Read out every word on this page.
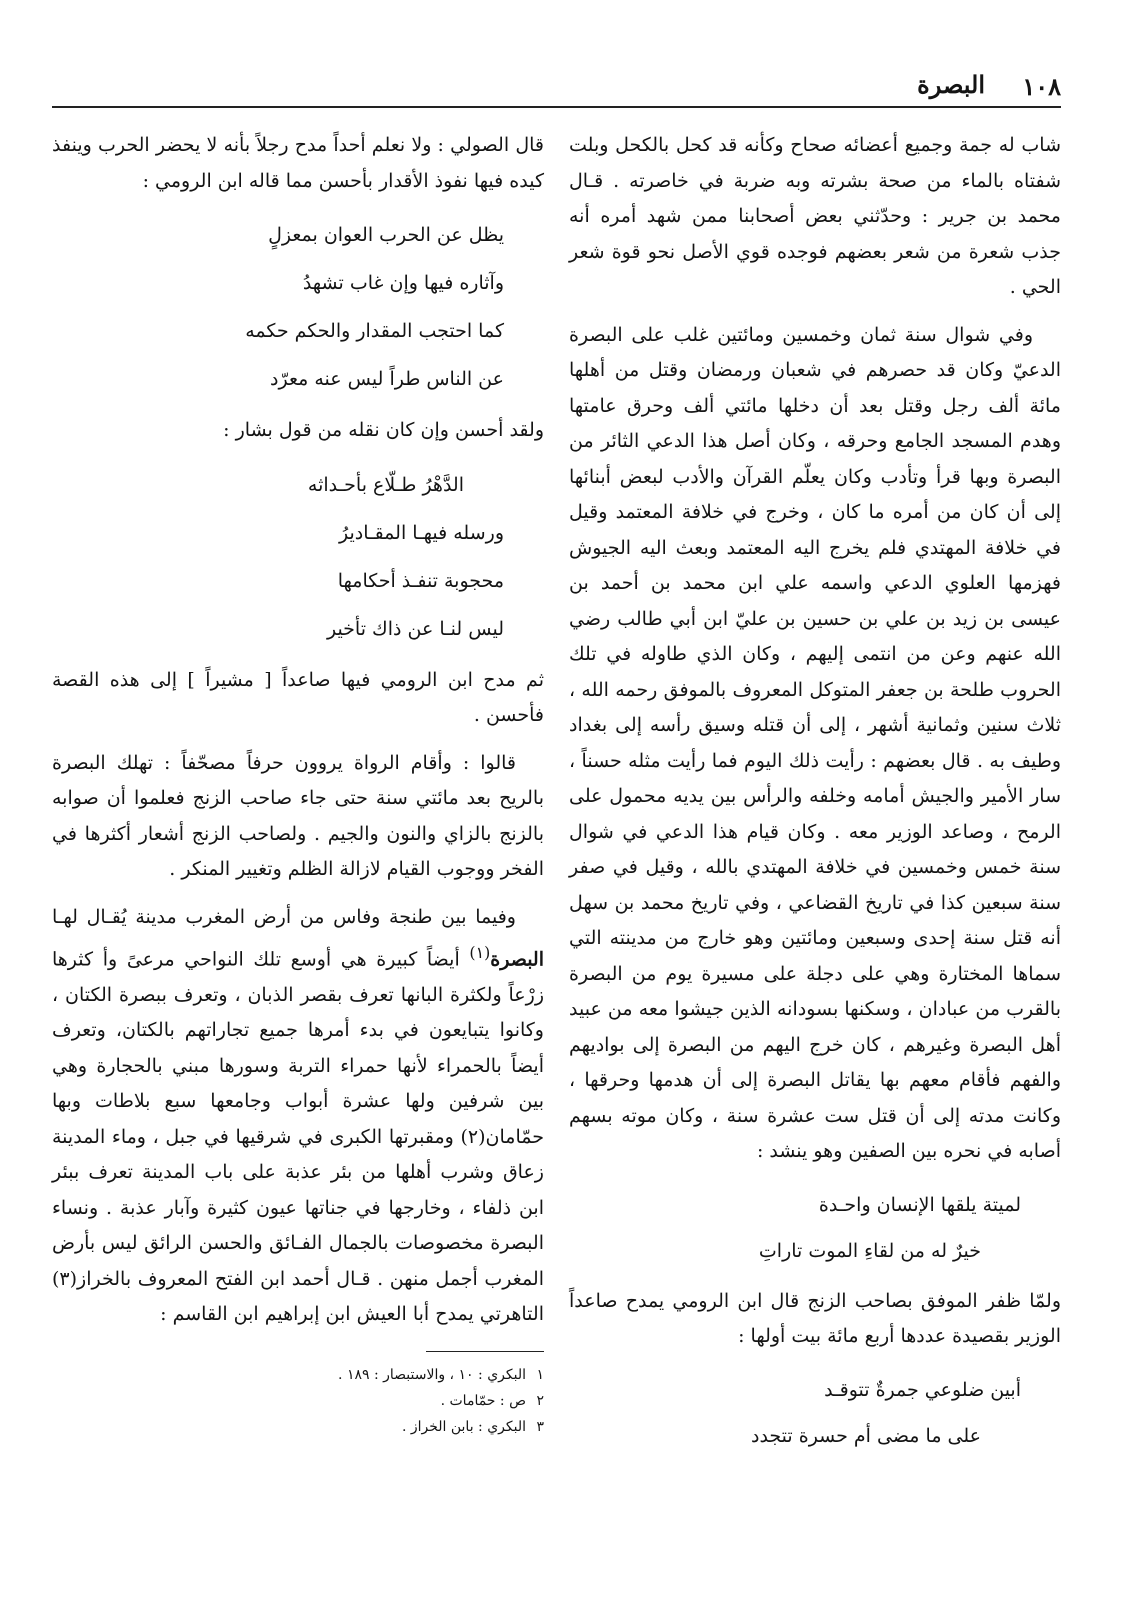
١٠٨
البصرة

شاب له جمة وجميع أعضائه صحاح وكأنه قد كحل بالكحل وبلت شفتاه بالماء من صحة بشرته وبه ضربة في خاصرته . قـال محمد بن جرير : وحدّثني بعض أصحابنا ممن شهد أمره أنه جذب شعرة من شعر بعضهم فوجده قوي الأصل نحو قوة شعر الحي .

وفي شوال سنة ثمان وخمسين ومائتين غلب على البصرة الدعيّ وكان قد حصرهم في شعبان ورمضان وقتل من أهلها مائة ألف رجل وقتل بعد أن دخلها مائتي ألف وحرق عامتها وهدم المسجد الجامع وحرقه ، وكان أصل هذا الدعي الثائر من البصرة وبها قرأ وتأدب وكان يعلّم القرآن والأدب لبعض أبنائها إلى أن كان من أمره ما كان ، وخرج في خلافة المعتمد وقيل في خلافة المهتدي فلم يخرج اليه المعتمد وبعث اليه الجيوش فهزمها العلوي الدعي واسمه علي ابن محمد بن أحمد بن عيسى بن زيد بن علي بن حسين بن عليّ ابن أبي طالب رضي الله عنهم وعن من انتمى إليهم ، وكان الذي طاوله في تلك الحروب طلحة بن جعفر المتوكل المعروف بالموفق رحمه الله ، ثلاث سنين وثمانية أشهر ، إلى أن قتله وسيق رأسه إلى بغداد وطيف به . قال بعضهم : رأيت ذلك اليوم فما رأيت مثله حسناً ، سار الأمير والجيش أمامه وخلفه والرأس بين يديه محمول على الرمح ، وصاعد الوزير معه . وكان قيام هذا الدعي في شوال سنة خمس وخمسين في خلافة المهتدي بالله ، وقيل في صفر سنة سبعين كذا في تاريخ القضاعي ، وفي تاريخ محمد بن سهل أنه قتل سنة إحدى وسبعين ومائتين وهو خارج من مدينته التي سماها المختارة وهي على دجلة على مسيرة يوم من البصرة بالقرب من عبادان ، وسكنها بسودانه الذين جيشوا معه من عبيد أهل البصرة وغيرهم ، كان خرج اليهم من البصرة إلى بواديهم والفهم فأقام معهم بها يقاتل البصرة إلى أن هدمها وحرقها ، وكانت مدته إلى أن قتل ست عشرة سنة ، وكان موته بسهم أصابه في نحره بين الصفين وهو ينشد :

لميتة يلقها الإنسان واحـدة
خيرٌ له من لقاءِ الموت تاراتِ

ولمّا ظفر الموفق بصاحب الزنج قال ابن الرومي يمدح صاعداً الوزير بقصيدة عددها أربع مائة بيت أولها :

أبين ضلوعي جمرةٌ تتوقـد
على ما مضى أم حسرة تتجدد

قال الصولي : ولا نعلم أحداً مدح رجلاً بأنه لا يحضر الحرب وينفذ كيده فيها نفوذ الأقدار بأحسن مما قاله ابن الرومي :

يظل عن الحرب العوان بمعزلٍ
وآثاره فيها وإن غاب تشهدُ
كما احتجب المقدار والحكم حكمه
عن الناس طراً ليس عنه معرّد

ولقد أحسن وإن كان نقله من قول بشار :

الدَّهْرُ طـلّاع بأحـداثه
ورسله فيهـا المقـاديرُ
محجوبة تنفـذ أحكامها
ليس لنـا عن ذاك تأخير

ثم مدح ابن الرومي فيها صاعداً [ مشيراً ] إلى هذه القصة فأحسن .

قالوا : وأقام الرواة يروون حرفاً مصحّفاً : تهلك البصرة بالريح بعد مائتي سنة حتى جاء صاحب الزنج فعلموا أن صوابه بالزنج بالزاي والنون والجيم . ولصاحب الزنج أشعار أكثرها في الفخر ووجوب القيام لازالة الظلم وتغيير المنكر .

وفيما بين طنجة وفاس من أرض المغرب مدينة يُقـال لهـا البصرة$^{(١)}$ أيضاً كبيرة هي أوسع تلك النواحي مرعىً وأ كثرها زرْعاً ولكثرة البانها تعرف بقصر الذبان ، وتعرف ببصرة الكتان ، وكانوا يتبايعون في بدء أمرها جميع تجاراتهم بالكتان، وتعرف أيضاً بالحمراء لأنها حمراء التربة وسورها مبني بالحجارة وهي بين شرفين ولها عشرة أبواب وجامعها سبع بلاطات وبها حمّامان(٢) ومقبرتها الكبرى في شرقيها في جبل ، وماء المدينة زعاق وشرب أهلها من بئر عذبة على باب المدينة تعرف ببئر ابن ذلفاء ، وخارجها في جناتها عيون كثيرة وآبار عذبة . ونساء البصرة مخصوصات بالجمال الفـائق والحسن الرائق ليس بأرض المغرب أجمل منهن . قـال أحمد ابن الفتح المعروف بالخراز(٣) التاهرتي يمدح أبا العيش ابن إبراهيم ابن القاسم :

١البكري : ١٠ ، والاستبصار : ١٨٩ .
٢ص : حمّامات .
٣البكري : بابن الخراز .
